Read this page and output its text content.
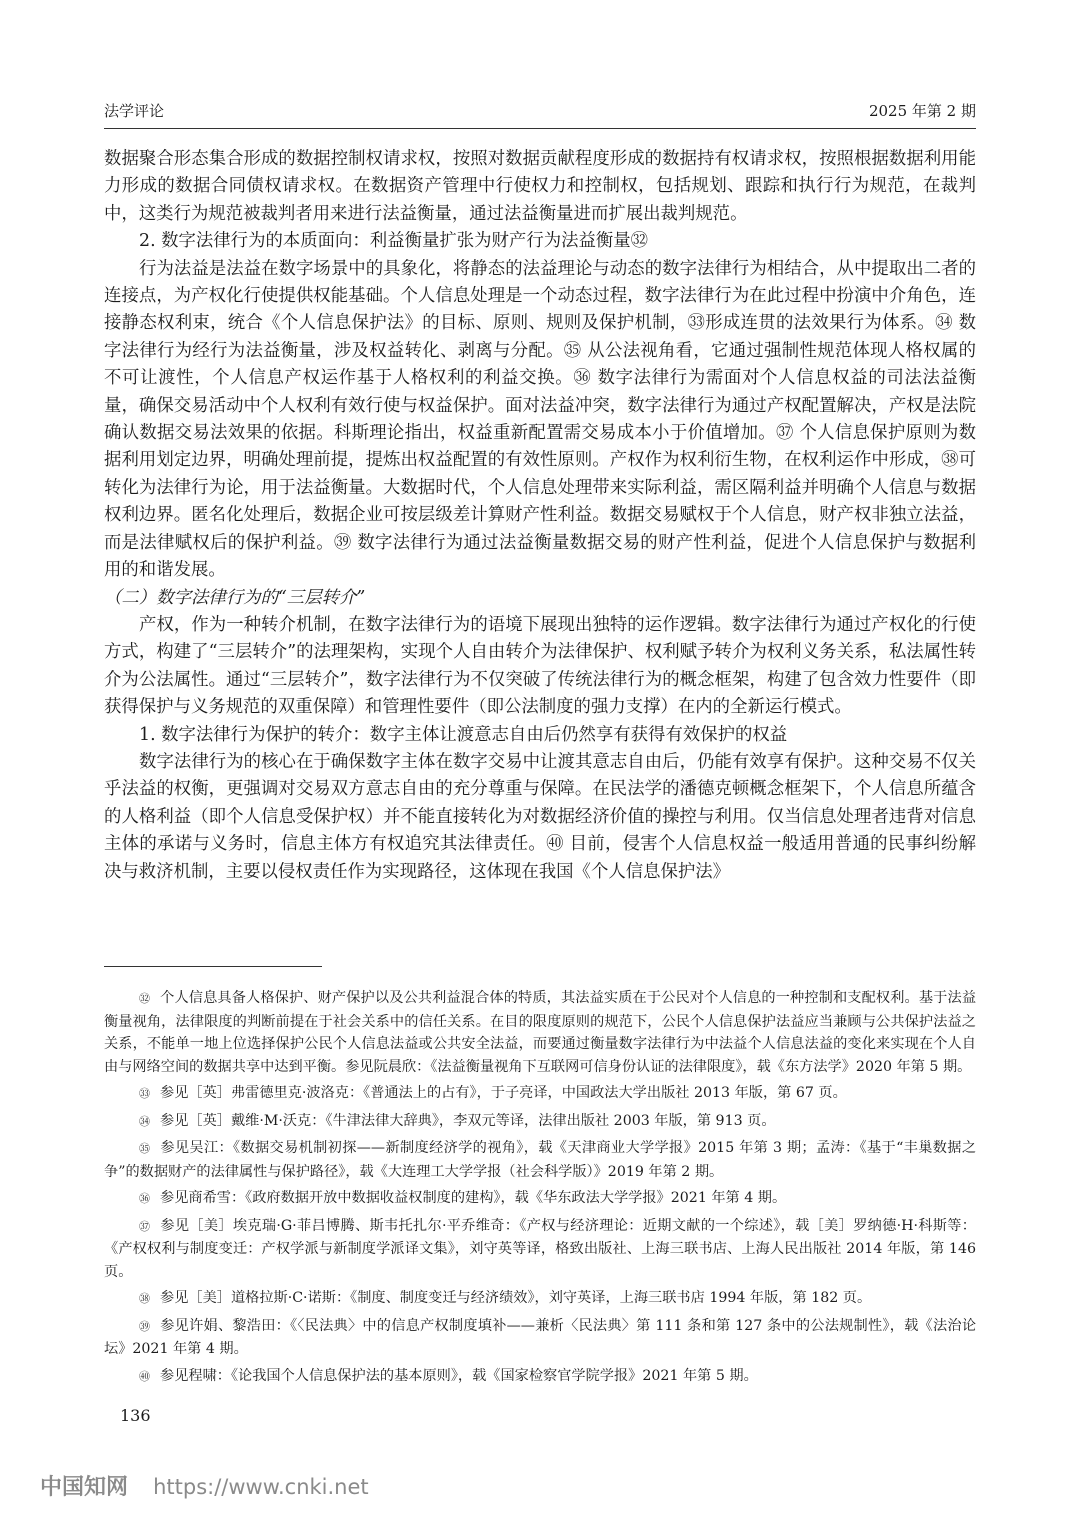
法学评论	2025 年第 2 期

数据聚合形态集合形成的数据控制权请求权，按照对数据贡献程度形成的数据持有权请求权，按照根据数据利用能力形成的数据合同债权请求权。在数据资产管理中行使权力和控制权，包括规划、跟踪和执行行为规范，在裁判中，这类行为规范被裁判者用来进行法益衡量，通过法益衡量进而扩展出裁判规范。

2. 数字法律行为的本质面向：利益衡量扩张为财产行为法益衡量㉜

行为法益是法益在数字场景中的具象化，将静态的法益理论与动态的数字法律行为相结合，从中提取出二者的连接点，为产权化行使提供权能基础。个人信息处理是一个动态过程，数字法律行为在此过程中扮演中介角色，连接静态权利束，统合《个人信息保护法》的目标、原则、规则及保护机制，㉝形成连贯的法效果行为体系。㉞ 数字法律行为经行为法益衡量，涉及权益转化、剥离与分配。㉟ 从公法视角看，它通过强制性规范体现人格权属的不可让渡性，个人信息产权运作基于人格权利的利益交换。㊱ 数字法律行为需面对个人信息权益的司法法益衡量，确保交易活动中个人权利有效行使与权益保护。面对法益冲突，数字法律行为通过产权配置解决，产权是法院确认数据交易法效果的依据。科斯理论指出，权益重新配置需交易成本小于价值增加。㊲ 个人信息保护原则为数据利用划定边界，明确处理前提，提炼出权益配置的有效性原则。产权作为权利衍生物，在权利运作中形成，㊳可转化为法律行为论，用于法益衡量。大数据时代，个人信息处理带来实际利益，需区隔利益并明确个人信息与数据权利边界。匿名化处理后，数据企业可按层级差计算财产性利益。数据交易赋权于个人信息，财产权非独立法益，而是法律赋权后的保护利益。㊴ 数字法律行为通过法益衡量数据交易的财产性利益，促进个人信息保护与数据利用的和谐发展。

（二）数字法律行为的“三层转介”

产权，作为一种转介机制，在数字法律行为的语境下展现出独特的运作逻辑。数字法律行为通过产权化的行使方式，构建了“三层转介”的法理架构，实现个人自由转介为法律保护、权利赋予转介为权利义务关系，私法属性转介为公法属性。通过“三层转介”，数字法律行为不仅突破了传统法律行为的概念框架，构建了包含效力性要件（即获得保护与义务规范的双重保障）和管理性要件（即公法制度的强力支撑）在内的全新运行模式。

1. 数字法律行为保护的转介：数字主体让渡意志自由后仍然享有获得有效保护的权益

数字法律行为的核心在于确保数字主体在数字交易中让渡其意志自由后，仍能有效享有保护。这种交易不仅关乎法益的权衡，更强调对交易双方意志自由的充分尊重与保障。在民法学的潘德克顿概念框架下，个人信息所蕴含的人格利益（即个人信息受保护权）并不能直接转化为对数据经济价值的操控与利用。仅当信息处理者违背对信息主体的承诺与义务时，信息主体方有权追究其法律责任。㊵ 目前，侵害个人信息权益一般适用普通的民事纠纷解决与救济机制，主要以侵权责任作为实现路径，这体现在我国《个人信息保护法》

㉜ 个人信息具备人格保护、财产保护以及公共利益混合体的特质，其法益实质在于公民对个人信息的一种控制和支配权利。基于法益衡量视角，法律限度的判断前提在于社会关系中的信任关系。在目的限度原则的规范下，公民个人信息保护法益应当兼顾与公共保护法益之关系，不能单一地上位选择保护公民个人信息法益或公共安全法益，而要通过衡量数字法律行为中法益个人信息法益的变化来实现在个人自由与网络空间的数据共享中达到平衡。参见阮晨欣：《法益衡量视角下互联网可信身份认证的法律限度》，载《东方法学》2020 年第 5 期。

㉝ 参见［英］弗雷德里克·波洛克：《普通法上的占有》，于子亮译，中国政法大学出版社 2013 年版，第 67 页。

㉞ 参见［英］戴维·M·沃克：《牛津法律大辞典》，李双元等译，法律出版社 2003 年版，第 913 页。

㉟ 参见吴江：《数据交易机制初探——新制度经济学的视角》，载《天津商业大学学报》2015 年第 3 期；孟涛：《基于“丰巢数据之争”的数据财产的法律属性与保护路径》，载《大连理工大学学报（社会科学版）》2019 年第 2 期。

㊱ 参见商希雪：《政府数据开放中数据收益权制度的建构》，载《华东政法大学学报》2021 年第 4 期。

㊲ 参见［美］埃克瑞·G·菲吕博腾、斯韦托扎尔·平乔维奇：《产权与经济理论：近期文献的一个综述》，载［美］罗纳德·H·科斯等：《产权权利与制度变迁：产权学派与新制度学派译文集》，刘守英等译，格致出版社、上海三联书店、上海人民出版社 2014 年版，第 146 页。

㊳ 参见［美］道格拉斯·C·诺斯：《制度、制度变迁与经济绩效》，刘守英译，上海三联书店 1994 年版，第 182 页。

㊴ 参见许娟、黎浩田：《〈民法典〉中的信息产权制度填补——兼析〈民法典〉第 111 条和第 127 条中的公法规制性》，载《法治论坛》2021 年第 4 期。

㊵ 参见程啸：《论我国个人信息保护法的基本原则》，载《国家检察官学院学报》2021 年第 5 期。

136
中国知网 https://www.cnki.net
